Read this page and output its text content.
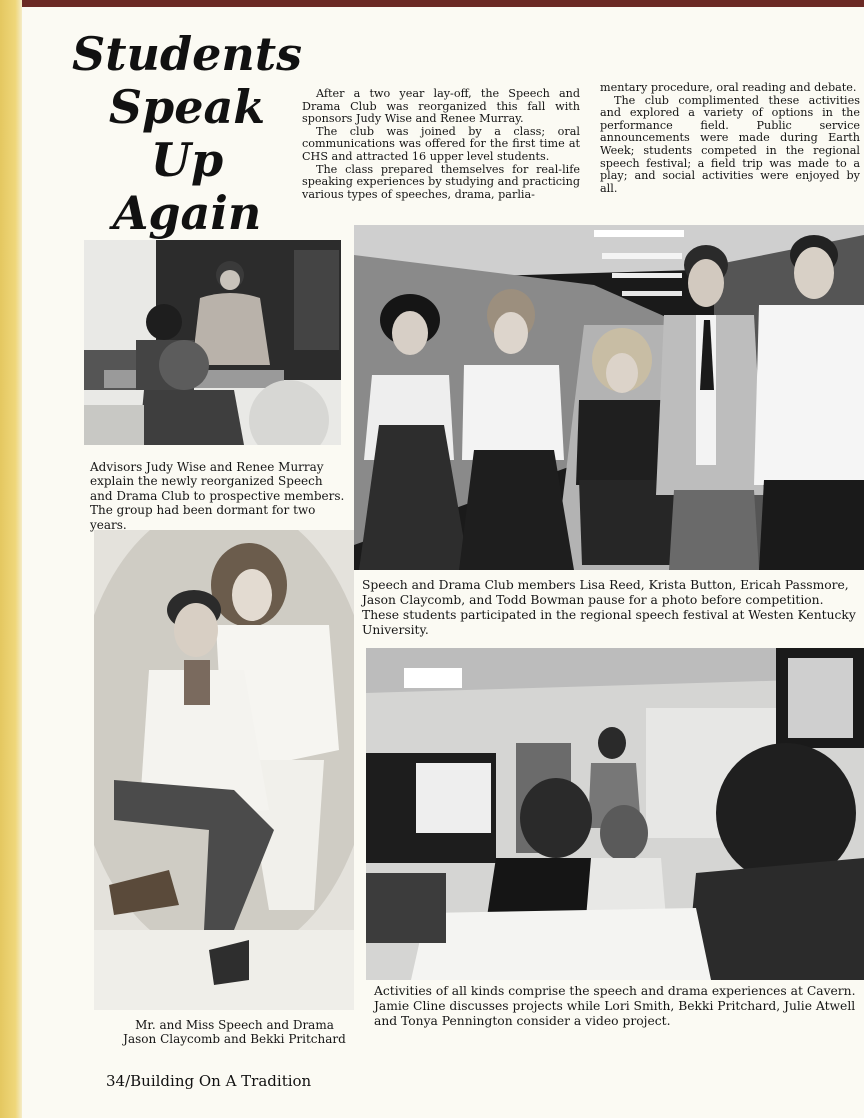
Students
Speak
Up
Again

After a two year lay-off, the Speech and Drama Club was reorganized this fall with sponsors Judy Wise and Renee Murray.

The club was joined by a class; oral communications was offered for the first time at CHS and attracted 16 upper level students.

The class prepared themselves for real-life speaking experiences by studying and practicing various types of speeches, drama, parlia-

mentary procedure, oral reading and debate.

The club complimented these activities and explored a variety of options in the performance field. Public service announcements were made during Earth Week; students competed in the regional speech festival; a field trip was made to a play; and social activities were enjoyed by all.

Advisors Judy Wise and Renee Murray explain the newly reorganized Speech and Drama Club to prospective members. The group had been dormant for two years.
Speech and Drama Club members Lisa Reed, Krista Button, Ericah Passmore, Jason Claycomb, and Todd Bowman pause for a photo before competition. These students participated in the regional speech festival at Westen Kentucky University.
Mr. and Miss Speech and Drama
Jason Claycomb and Bekki Pritchard
Activities of all kinds comprise the speech and drama experiences at Cavern. Jamie Cline discusses projects while Lori Smith, Bekki Pritchard, Julie Atwell and Tonya Pennington consider a video project.
34/Building On A Tradition
